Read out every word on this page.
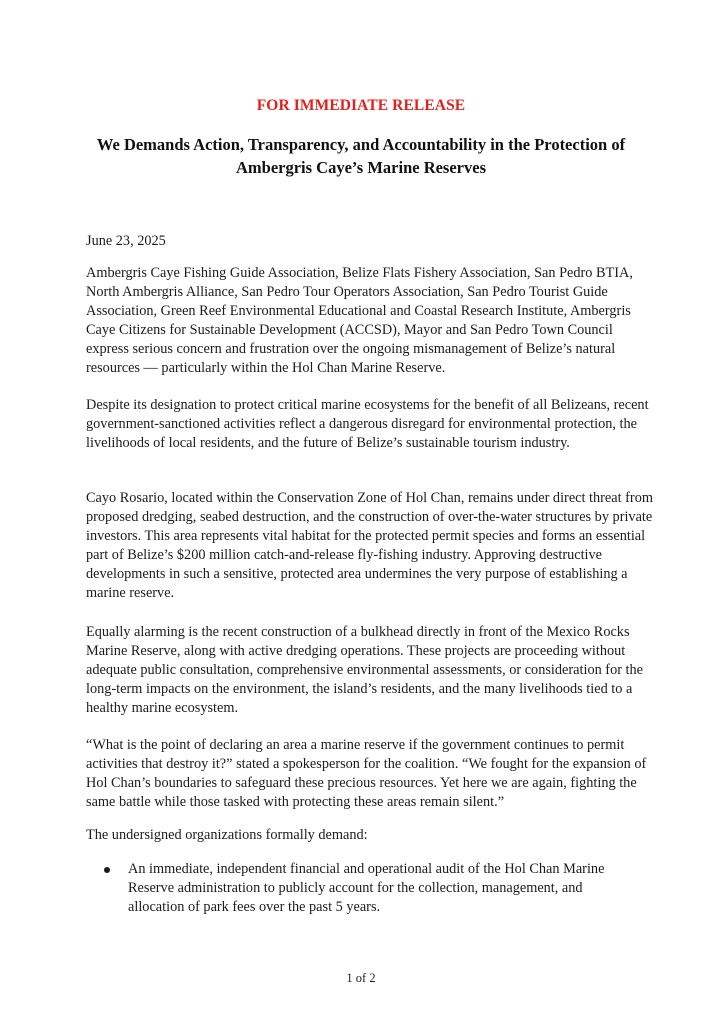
FOR IMMEDIATE RELEASE
We Demands Action, Transparency, and Accountability in the Protection of Ambergris Caye’s Marine Reserves

June 23, 2025

Ambergris Caye Fishing Guide Association, Belize Flats Fishery Association, San Pedro BTIA, North Ambergris Alliance, San Pedro Tour Operators Association, San Pedro Tourist Guide Association, Green Reef Environmental Educational and Coastal Research Institute, Ambergris Caye Citizens for Sustainable Development (ACCSD), Mayor and San Pedro Town Council express serious concern and frustration over the ongoing mismanagement of Belize’s natural resources — particularly within the Hol Chan Marine Reserve.

Despite its designation to protect critical marine ecosystems for the benefit of all Belizeans, recent government-sanctioned activities reflect a dangerous disregard for environmental protection, the livelihoods of local residents, and the future of Belize’s sustainable tourism industry.

Cayo Rosario, located within the Conservation Zone of Hol Chan, remains under direct threat from proposed dredging, seabed destruction, and the construction of over-the-water structures by private investors. This area represents vital habitat for the protected permit species and forms an essential part of Belize’s $200 million catch-and-release fly-fishing industry. Approving destructive developments in such a sensitive, protected area undermines the very purpose of establishing a marine reserve.

Equally alarming is the recent construction of a bulkhead directly in front of the Mexico Rocks Marine Reserve, along with active dredging operations. These projects are proceeding without adequate public consultation, comprehensive environmental assessments, or consideration for the long-term impacts on the environment, the island’s residents, and the many livelihoods tied to a healthy marine ecosystem.

“What is the point of declaring an area a marine reserve if the government continues to permit activities that destroy it?” stated a spokesperson for the coalition. “We fought for the expansion of Hol Chan’s boundaries to safeguard these precious resources. Yet here we are again, fighting the same battle while those tasked with protecting these areas remain silent.”

The undersigned organizations formally demand:

An immediate, independent financial and operational audit of the Hol Chan Marine Reserve administration to publicly account for the collection, management, and allocation of park fees over the past 5 years.
1 of 2
